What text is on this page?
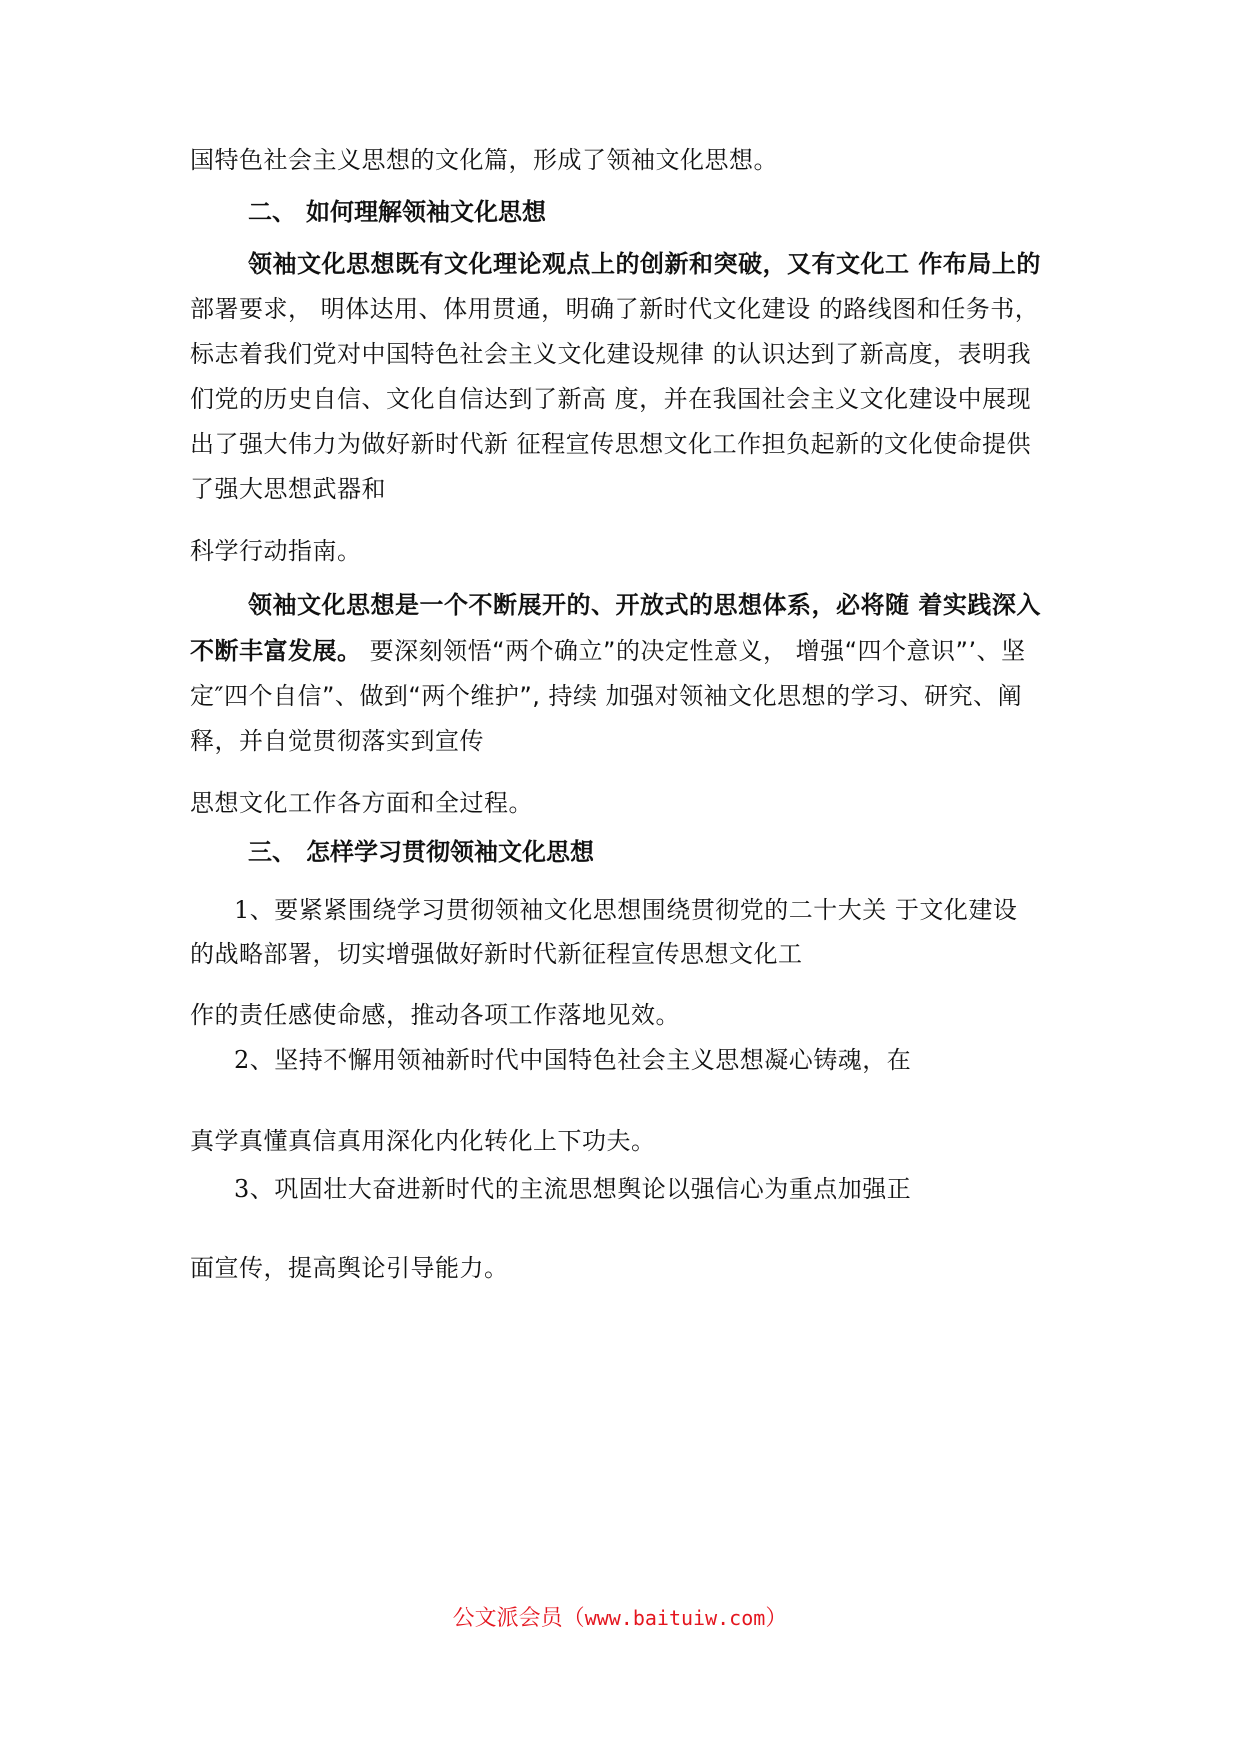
国特色社会主义思想的文化篇，形成了领袖文化思想。
二、 如何理解领袖文化思想
领袖文化思想既有文化理论观点上的创新和突破，又有文化工 作布局上的
部署要求， 明体达用、体用贯通，明确了新时代文化建设 的路线图和任务书，
标志着我们党对中国特色社会主义文化建设规律 的认识达到了新高度，表明我
们党的历史自信、文化自信达到了新高 度，并在我国社会主义文化建设中展现
出了强大伟力为做好新时代新 征程宣传思想文化工作担负起新的文化使命提供
了强大思想武器和
科学行动指南。
领袖文化思想是一个不断展开的、开放式的思想体系，必将随 着实践深入
不断丰富发展。 要深刻领悟“两个确立”的决定性意义， 增强“四个意识”’、坚
定″四个自信”、做到“两个维护”, 持续 加强对领袖文化思想的学习、研究、阐
释，并自觉贯彻落实到宣传
思想文化工作各方面和全过程。
三、 怎样学习贯彻领袖文化思想
1、要紧紧围绕学习贯彻领袖文化思想围绕贯彻党的二十大关 于文化建设
的战略部署，切实增强做好新时代新征程宣传思想文化工
作的责任感使命感，推动各项工作落地见效。
2、坚持不懈用领袖新时代中国特色社会主义思想凝心铸魂，在
真学真懂真信真用深化内化转化上下功夫。
3、巩固壮大奋进新时代的主流思想舆论以强信心为重点加强正
面宣传，提高舆论引导能力。
公文派会员（www.baituiw.com）
